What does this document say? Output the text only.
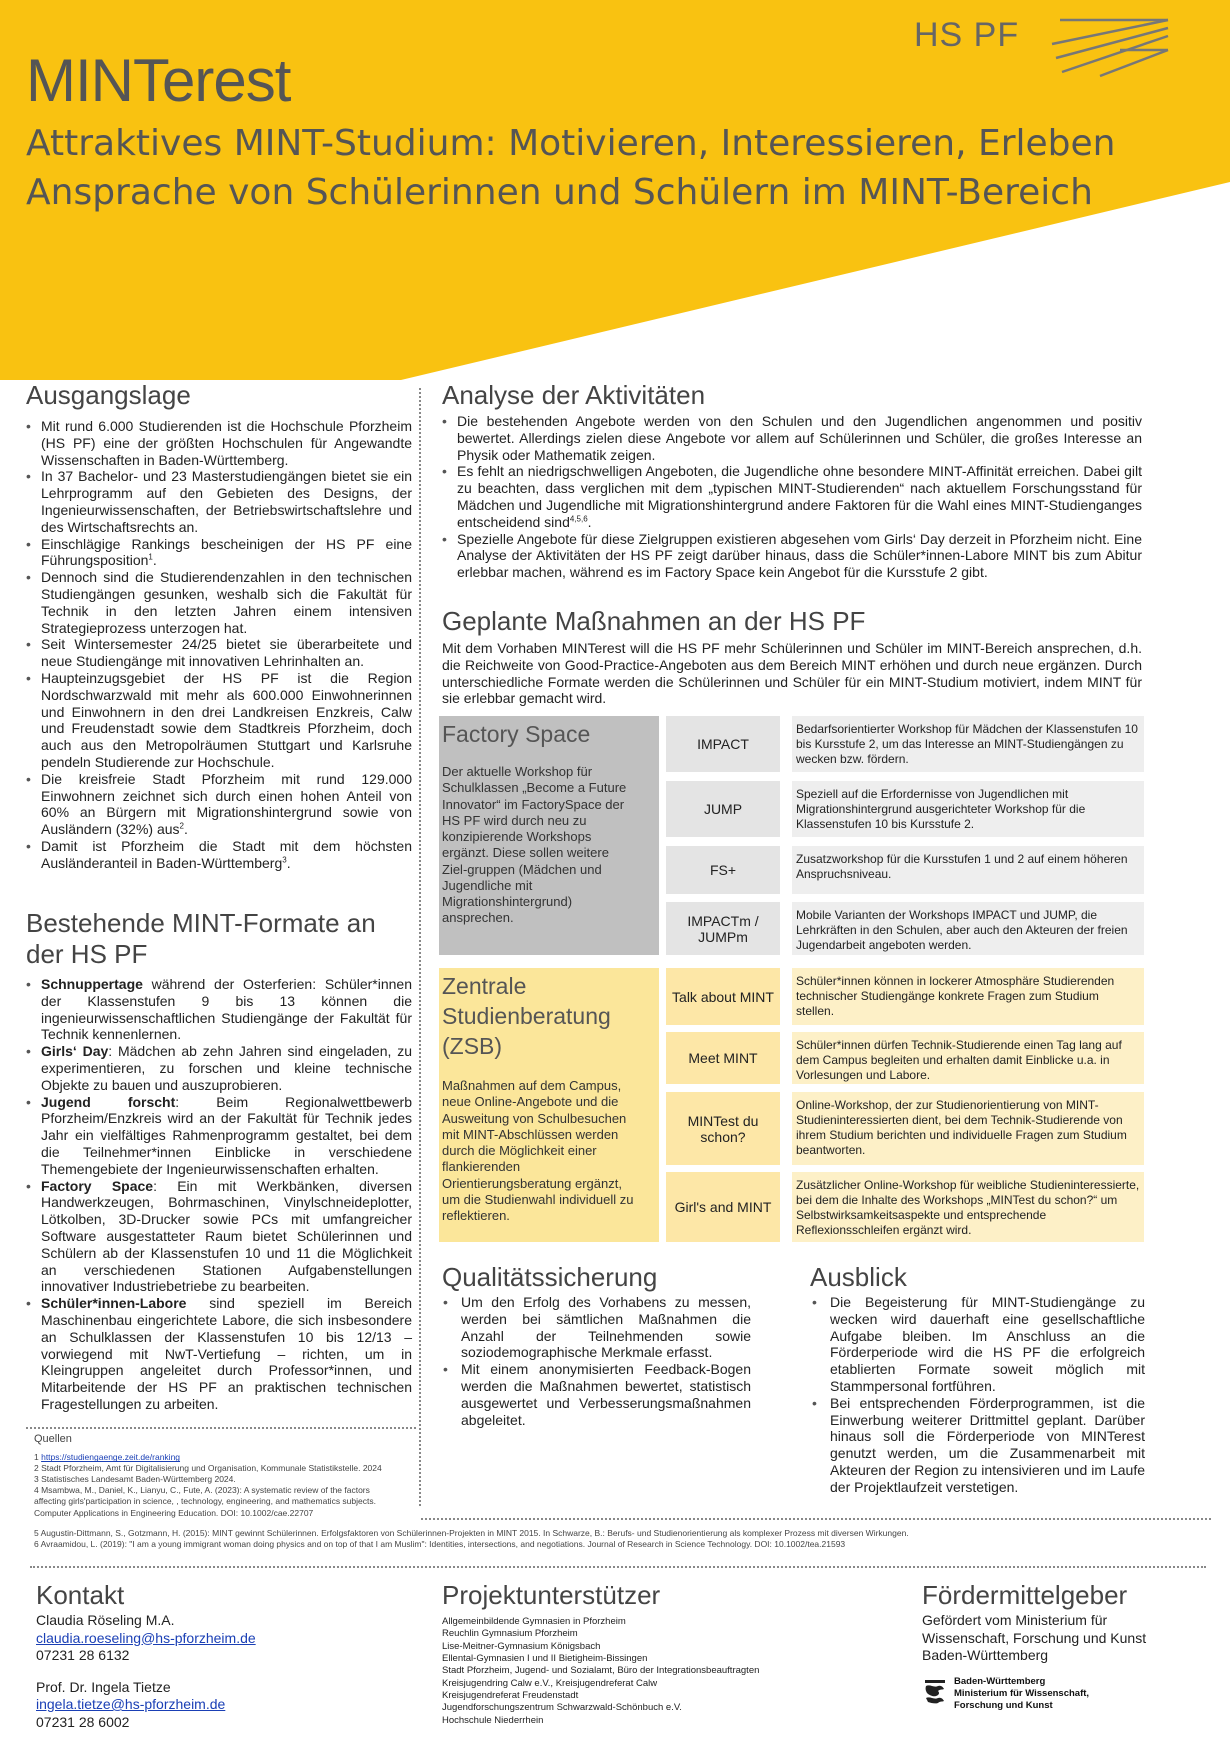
HS PF
MINTerest
Attraktives MINT-Studium: Motivieren, Interessieren, Erleben
Ansprache von Schülerinnen und Schülern im MINT-Bereich
Ausgangslage
• Mit rund 6.000 Studierenden ist die Hochschule Pforzheim (HS PF) eine der größten Hochschulen für Angewandte Wissenschaften in Baden-Württemberg.
• In 37 Bachelor- und 23 Masterstudiengängen bietet sie ein Lehrprogramm auf den Gebieten des Designs, der Ingenieurwissenschaften, der Betriebswirtschaftslehre und des Wirtschaftsrechts an.
• Einschlägige Rankings bescheinigen der HS PF eine Führungsposition$^1$.
• Dennoch sind die Studierendenzahlen in den technischen Studiengängen gesunken, weshalb sich die Fakultät für Technik in den letzten Jahren einem intensiven Strategieprozess unterzogen hat.
• Seit Wintersemester 24/25 bietet sie überarbeitete und neue Studiengänge mit innovativen Lehrinhalten an.
• Haupteinzugsgebiet der HS PF ist die Region Nordschwarzwald mit mehr als 600.000 Einwohnerinnen und Einwohnern in den drei Landkreisen Enzkreis, Calw und Freudenstadt sowie dem Stadtkreis Pforzheim, doch auch aus den Metropolräumen Stuttgart und Karlsruhe pendeln Studierende zur Hochschule.
• Die kreisfreie Stadt Pforzheim mit rund 129.000 Einwohnern zeichnet sich durch einen hohen Anteil von 60% an Bürgern mit Migrationshintergrund sowie von Ausländern (32%) aus$^2$.
• Damit ist Pforzheim die Stadt mit dem höchsten Ausländeranteil in Baden-Württemberg$^3$.
Bestehende MINT-Formate an der HS PF
• Schnuppertage während der Osterferien: Schüler*innen der Klassenstufen 9 bis 13 können die ingenieurwissenschaftlichen Studiengänge der Fakultät für Technik kennenlernen.
• Girls‘ Day: Mädchen ab zehn Jahren sind eingeladen, zu experimentieren, zu forschen und kleine technische Objekte zu bauen und auszuprobieren.
• Jugend forscht: Beim Regionalwettbewerb Pforzheim/Enzkreis wird an der Fakultät für Technik jedes Jahr ein vielfältiges Rahmenprogramm gestaltet, bei dem die Teilnehmer*innen Einblicke in verschiedene Themengebiete der Ingenieurwissenschaften erhalten.
• Factory Space: Ein mit Werkbänken, diversen Handwerkzeugen, Bohrmaschinen, Vinylschneideplotter, Lötkolben, 3D-Drucker sowie PCs mit umfangreicher Software ausgestatteter Raum bietet Schülerinnen und Schülern ab der Klassenstufen 10 und 11 die Möglichkeit an verschiedenen Stationen Aufgabenstellungen innovativer Industriebetriebe zu bearbeiten.
• Schüler*innen-Labore sind speziell im Bereich Maschinenbau eingerichtete Labore, die sich insbesondere an Schulklassen der Klassenstufen 10 bis 12/13 – vorwiegend mit NwT-Vertiefung – richten, um in Kleingruppen angeleitet durch Professor*innen, und Mitarbeitende der HS PF an praktischen technischen Fragestellungen zu arbeiten.
Quellen
1 https://studiengaenge.zeit.de/ranking
2 Stadt Pforzheim, Amt für Digitalisierung und Organisation, Kommunale Statistikstelle. 2024
3 Statistisches Landesamt Baden-Württemberg 2024.
4 Msambwa, M., Daniel, K., Lianyu, C., Fute, A. (2023): A systematic review of the factors affecting girls'participation in science, , technology, engineering, and mathematics subjects. Computer Applications in Engineering Education. DOI: 10.1002/cae.22707
5 Augustin-Dittmann, S., Gotzmann, H. (2015): MINT gewinnt Schülerinnen. Erfolgsfaktoren von Schülerinnen-Projekten in MINT 2015. In Schwarze, B.: Berufs- und Studienorientierung als komplexer Prozess mit diversen Wirkungen.
6 Avraamidou, L. (2019): "I am a young immigrant woman doing physics and on top of that I am Muslim": Identities, intersections, and negotiations. Journal of Research in Science Technology. DOI: 10.1002/tea.21593
Analyse der Aktivitäten
• Die bestehenden Angebote werden von den Schulen und den Jugendlichen angenommen und positiv bewertet. Allerdings zielen diese Angebote vor allem auf Schülerinnen und Schüler, die großes Interesse an Physik oder Mathematik zeigen.
• Es fehlt an niedrigschwelligen Angeboten, die Jugendliche ohne besondere MINT-Affinität erreichen. Dabei gilt zu beachten, dass verglichen mit dem „typischen MINT-Studierenden“ nach aktuellem Forschungsstand für Mädchen und Jugendliche mit Migrationshintergrund andere Faktoren für die Wahl eines MINT-Studienganges entscheidend sind$^{4,5,6}$.
• Spezielle Angebote für diese Zielgruppen existieren abgesehen vom Girls‘ Day derzeit in Pforzheim nicht. Eine Analyse der Aktivitäten der HS PF zeigt darüber hinaus, dass die Schüler*innen-Labore MINT bis zum Abitur erlebbar machen, während es im Factory Space kein Angebot für die Kursstufe 2 gibt.
Geplante Maßnahmen an der HS PF
Mit dem Vorhaben MINTerest will die HS PF mehr Schülerinnen und Schüler im MINT-Bereich ansprechen, d.h. die Reichweite von Good-Practice-Angeboten aus dem Bereich MINT erhöhen und durch neue ergänzen. Durch unterschiedliche Formate werden die Schülerinnen und Schüler für ein MINT-Studium motiviert, indem MINT für sie erlebbar gemacht wird.
Factory Space
Der aktuelle Workshop für Schulklassen „Become a Future Innovator“ im FactorySpace der HS PF wird durch neu zu konzipierende Workshops ergänzt. Diese sollen weitere Ziel-gruppen (Mädchen und Jugendliche mit Migrationshintergrund) ansprechen.
IMPACT
JUMP
FS+
IMPACTm / JUMPm
Bedarfsorientierter Workshop für Mädchen der Klassenstufen 10 bis Kursstufe 2, um das Interesse an MINT-Studiengängen zu wecken bzw. fördern.
Speziell auf die Erfordernisse von Jugendlichen mit Migrationshintergrund ausgerichteter Workshop für die Klassenstufen 10 bis Kursstufe 2.
Zusatzworkshop für die Kursstufen 1 und 2 auf einem höheren Anspruchsniveau.
Mobile Varianten der Workshops IMPACT und JUMP, die Lehrkräften in den Schulen, aber auch den Akteuren der freien Jugendarbeit angeboten werden.
Zentrale Studienberatung (ZSB)
Maßnahmen auf dem Campus, neue Online-Angebote und die Ausweitung von Schulbesuchen mit MINT-Abschlüssen werden durch die Möglichkeit einer flankierenden Orientierungsberatung ergänzt, um die Studienwahl individuell zu reflektieren.
Talk about MINT
Meet MINT
MINTest du schon?
Girl's and MINT
Schüler*innen können in lockerer Atmosphäre Studierenden technischer Studiengänge konkrete Fragen zum Studium stellen.
Schüler*innen dürfen Technik-Studierende einen Tag lang auf dem Campus begleiten und erhalten damit Einblicke u.a. in Vorlesungen und Labore.
Online-Workshop, der zur Studienorientierung von MINT-Studieninteressierten dient, bei dem Technik-Studierende von ihrem Studium berichten und individuelle Fragen zum Studium beantworten.
Zusätzlicher Online-Workshop für weibliche Studieninteressierte, bei dem die Inhalte des Workshops „MINTest du schon?“ um Selbstwirksamkeitsaspekte und entsprechende Reflexionsschleifen ergänzt wird.
Qualitätssicherung
• Um den Erfolg des Vorhabens zu messen, werden bei sämtlichen Maßnahmen die Anzahl der Teilnehmenden sowie soziodemographische Merkmale erfasst.
• Mit einem anonymisierten Feedback-Bogen werden die Maßnahmen bewertet, statistisch ausgewertet und Verbesserungsmaßnahmen abgeleitet.
Ausblick
• Die Begeisterung für MINT-Studiengänge zu wecken wird dauerhaft eine gesellschaftliche Aufgabe bleiben. Im Anschluss an die Förderperiode wird die HS PF die erfolgreich etablierten Formate soweit möglich mit Stammpersonal fortführen.
• Bei entsprechenden Förderprogrammen, ist die Einwerbung weiterer Drittmittel geplant. Darüber hinaus soll die Förderperiode von MINTerest genutzt werden, um die Zusammenarbeit mit Akteuren der Region zu intensivieren und im Laufe der Projektlaufzeit verstetigen.
Kontakt
Claudia Röseling M.A.
claudia.roeseling@hs-pforzheim.de
07231 28 6132
Prof. Dr. Ingela Tietze
ingela.tietze@hs-pforzheim.de
07231 28 6002
Projektunterstützer
Allgemeinbildende Gymnasien in Pforzheim
Reuchlin Gymnasium Pforzheim
Lise-Meitner-Gymnasium Königsbach
Ellental-Gymnasien I und II Bietigheim-Bissingen
Stadt Pforzheim, Jugend- und Sozialamt, Büro der Integrationsbeauftragten
Kreisjugendring Calw e.V., Kreisjugendreferat Calw
Kreisjugendreferat Freudenstadt
Jugendforschungszentrum Schwarzwald-Schönbuch e.V.
Hochschule Niederrhein
Fördermittelgeber
Gefördert vom Ministerium für Wissenschaft, Forschung und Kunst Baden-Württemberg
Baden-Württemberg
Ministerium für Wissenschaft,
Forschung und Kunst
